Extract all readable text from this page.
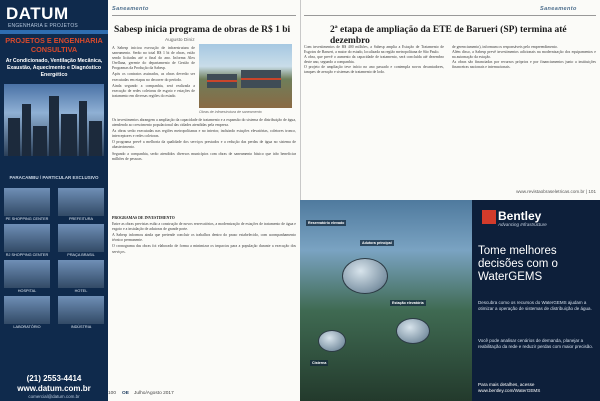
DATUM
ENGENHARIA E PROJETOS
PROJETOS E ENGENHARIA CONSULTIVA
Ar Condicionado, Ventilação Mecânica, Exaustão, Aquecimento e Diagnóstico Energético
PARACAMBU / PARTICULAR EXCLUSIVO
PE SHOPPING CENTER	PREFEITURA
RJ SHOPPING CENTER	PRAÇA BRASIL
HOSPITAL	HOTEL
LABORATÓRIO	INDÚSTRIA
(21) 2553-4414
www.datum.com.br
comercial@datum.com.br
Saneamento
Sabesp inicia programa de obras de R$ 1 bi
Augusto Diniz

A Sabesp iniciou execução de infraestrutura de saneamento. Serão no total R$ 1 bi de obras, estão sendo licitadas até o final do ano. Informa Alex Orellana, gerente do departamento de Gestão de Programas da Produção da Sabesp.

Após os contratos assinados, as obras deverão ser executadas em etapas no decorrer do período.

Ainda segundo a companhia, será realizada a execução de redes coletoras de esgoto e estações de tratamento em diversas regiões do estado.

Obras de infraestrutura de saneamento

Os investimentos abrangem a ampliação da capacidade de tratamento e a expansão do sistema de distribuição de água, atendendo ao crescimento populacional das cidades atendidas pela empresa.

As obras serão executadas nas regiões metropolitanas e no interior, incluindo estações elevatórias, coletores tronco, interceptores e redes coletoras.

O programa prevê a melhoria da qualidade dos serviços prestados e a redução das perdas de água no sistema de abastecimento.

Segundo a companhia, serão atendidos diversos municípios com obras de saneamento básico que irão beneficiar milhões de pessoas.

PROGRAMAS DE INVESTIMENTO

Entre as obras previstas estão a construção de novos reservatórios, a modernização de estações de tratamento de água e esgoto e a instalação de adutoras de grande porte.

A Sabesp informou ainda que pretende concluir os trabalhos dentro do prazo estabelecido, com acompanhamento técnico permanente.

O cronograma das obras foi elaborado de forma a minimizar os impactos para a população durante a execução dos serviços.

100 OE Julho/Agosto 2017
Saneamento
2ª etapa de ampliação da ETE de Barueri (SP) termina até dezembro

Com investimentos de R$ 400 milhões, a Sabesp amplia a Estação de Tratamento de Esgotos de Barueri, a maior do estado, localizada na região metropolitana de São Paulo.

A obra, que prevê o aumento da capacidade de tratamento, será concluída até dezembro deste ano, segundo a companhia.

O projeto de ampliação teve início no ano passado e contempla novos decantadores, tanques de aeração e sistemas de tratamento de lodo.

de gerenciamento), informam os responsáveis pelo empreendimento.

Além disso, a Sabesp prevê investimentos adicionais na modernização dos equipamentos e na automação da estação.

As obras são financiadas por recursos próprios e por financiamentos junto a instituições financeiras nacionais e internacionais.

www.revistaobraseletricas.com.br | 101
Reservatório elevado
Adutora principal
Estação elevatória
Cisterna
Bentley
Advancing Infrastructure
Tome melhores decisões com o WaterGEMS
Descubra como os recursos do WaterGEMS ajudam a otimizar a operação de sistemas de distribuição de água.
Você pode analisar cenários de demanda, planejar a reabilitação da rede e reduzir perdas com maior precisão.
Para mais detalhes, acesse www.bentley.com/WaterGEMS
